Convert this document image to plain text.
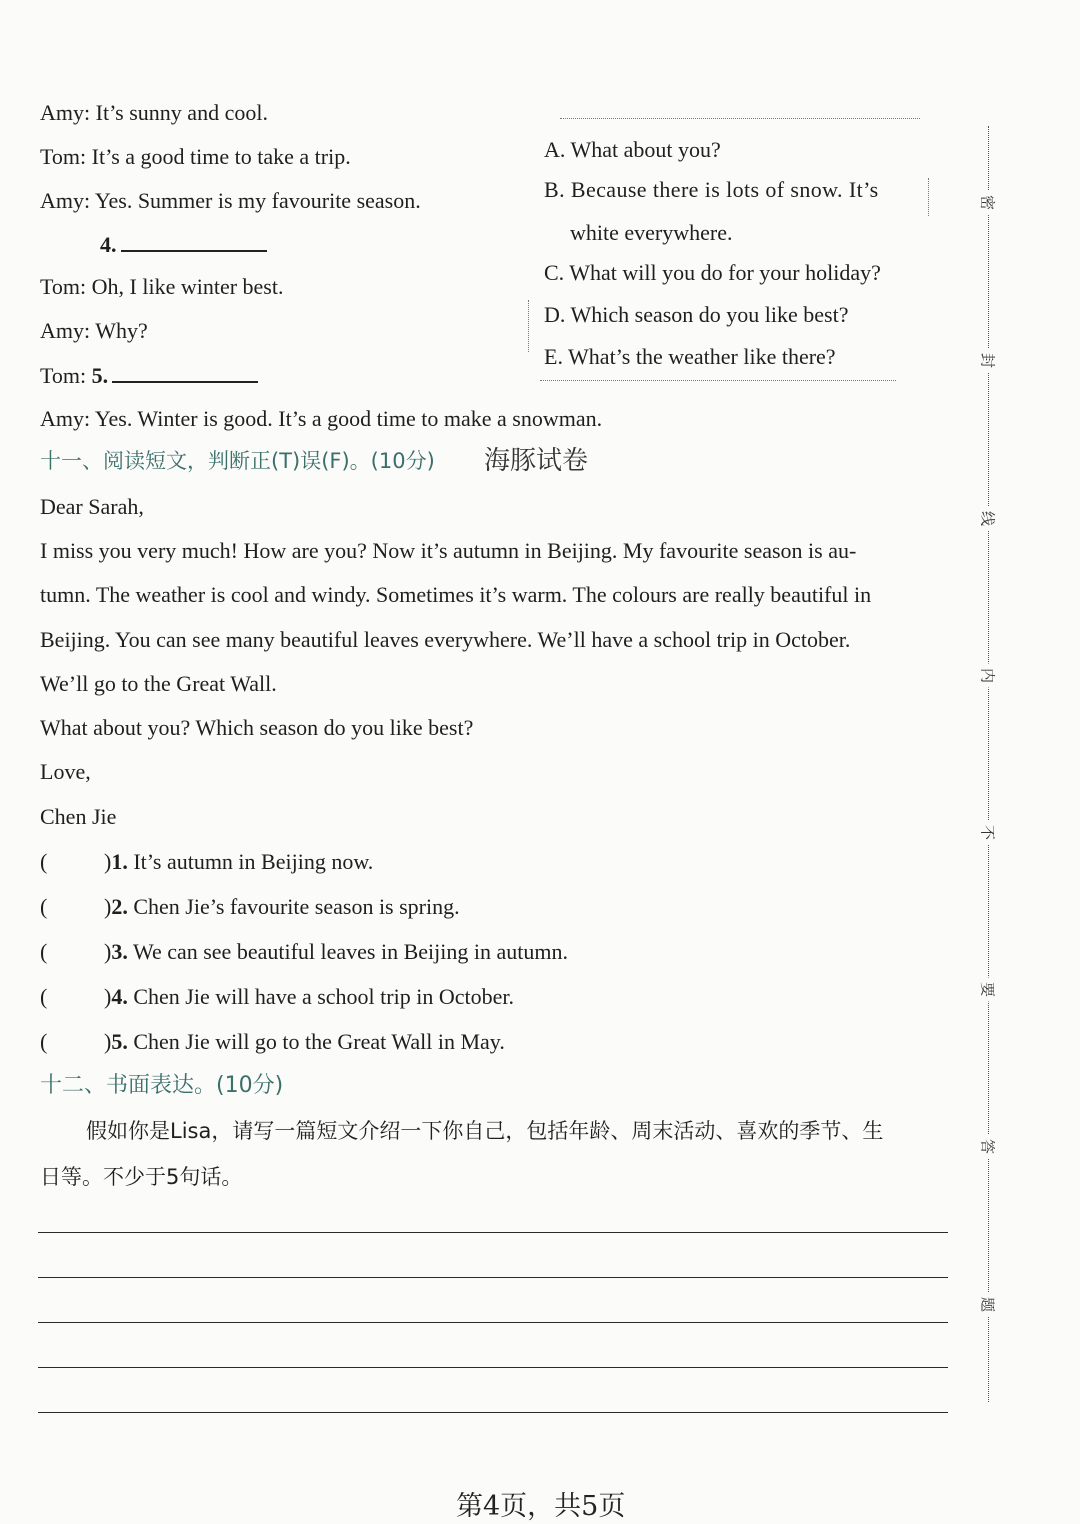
Amy: It’s sunny and cool.
Tom: It’s a good time to take a trip.
Amy: Yes. Summer is my favourite season.
4.
Tom: Oh, I like winter best.
Amy: Why?
Tom: 5.
Amy: Yes. Winter is good. It’s a good time to make a snowman.
A. What about you?
B. Because there is lots of snow. It’s
white everywhere.
C. What will you do for your holiday?
D. Which season do you like best?
E. What’s the weather like there?
十一、阅读短文，判断正(T)误(F)。(10分) 海豚试卷
Dear Sarah,
I miss you very much! How are you? Now it’s autumn in Beijing. My favourite season is au-
tumn. The weather is cool and windy. Sometimes it’s warm. The colours are really beautiful in
Beijing. You can see many beautiful leaves everywhere. We’ll have a school trip in October.
We’ll go to the Great Wall.
What about you? Which season do you like best?
Love,
Chen Jie
(	)1. It’s autumn in Beijing now.
(	)2. Chen Jie’s favourite season is spring.
(	)3. We can see beautiful leaves in Beijing in autumn.
(	)4. Chen Jie will have a school trip in October.
(	)5. Chen Jie will go to the Great Wall in May.
十二、书面表达。(10分)
假如你是Lisa，请写一篇短文介绍一下你自己，包括年龄、周末活动、喜欢的季节、生
日等。不少于5句话。
密
封
线
内
不
要
答
题
第4页，共5页
